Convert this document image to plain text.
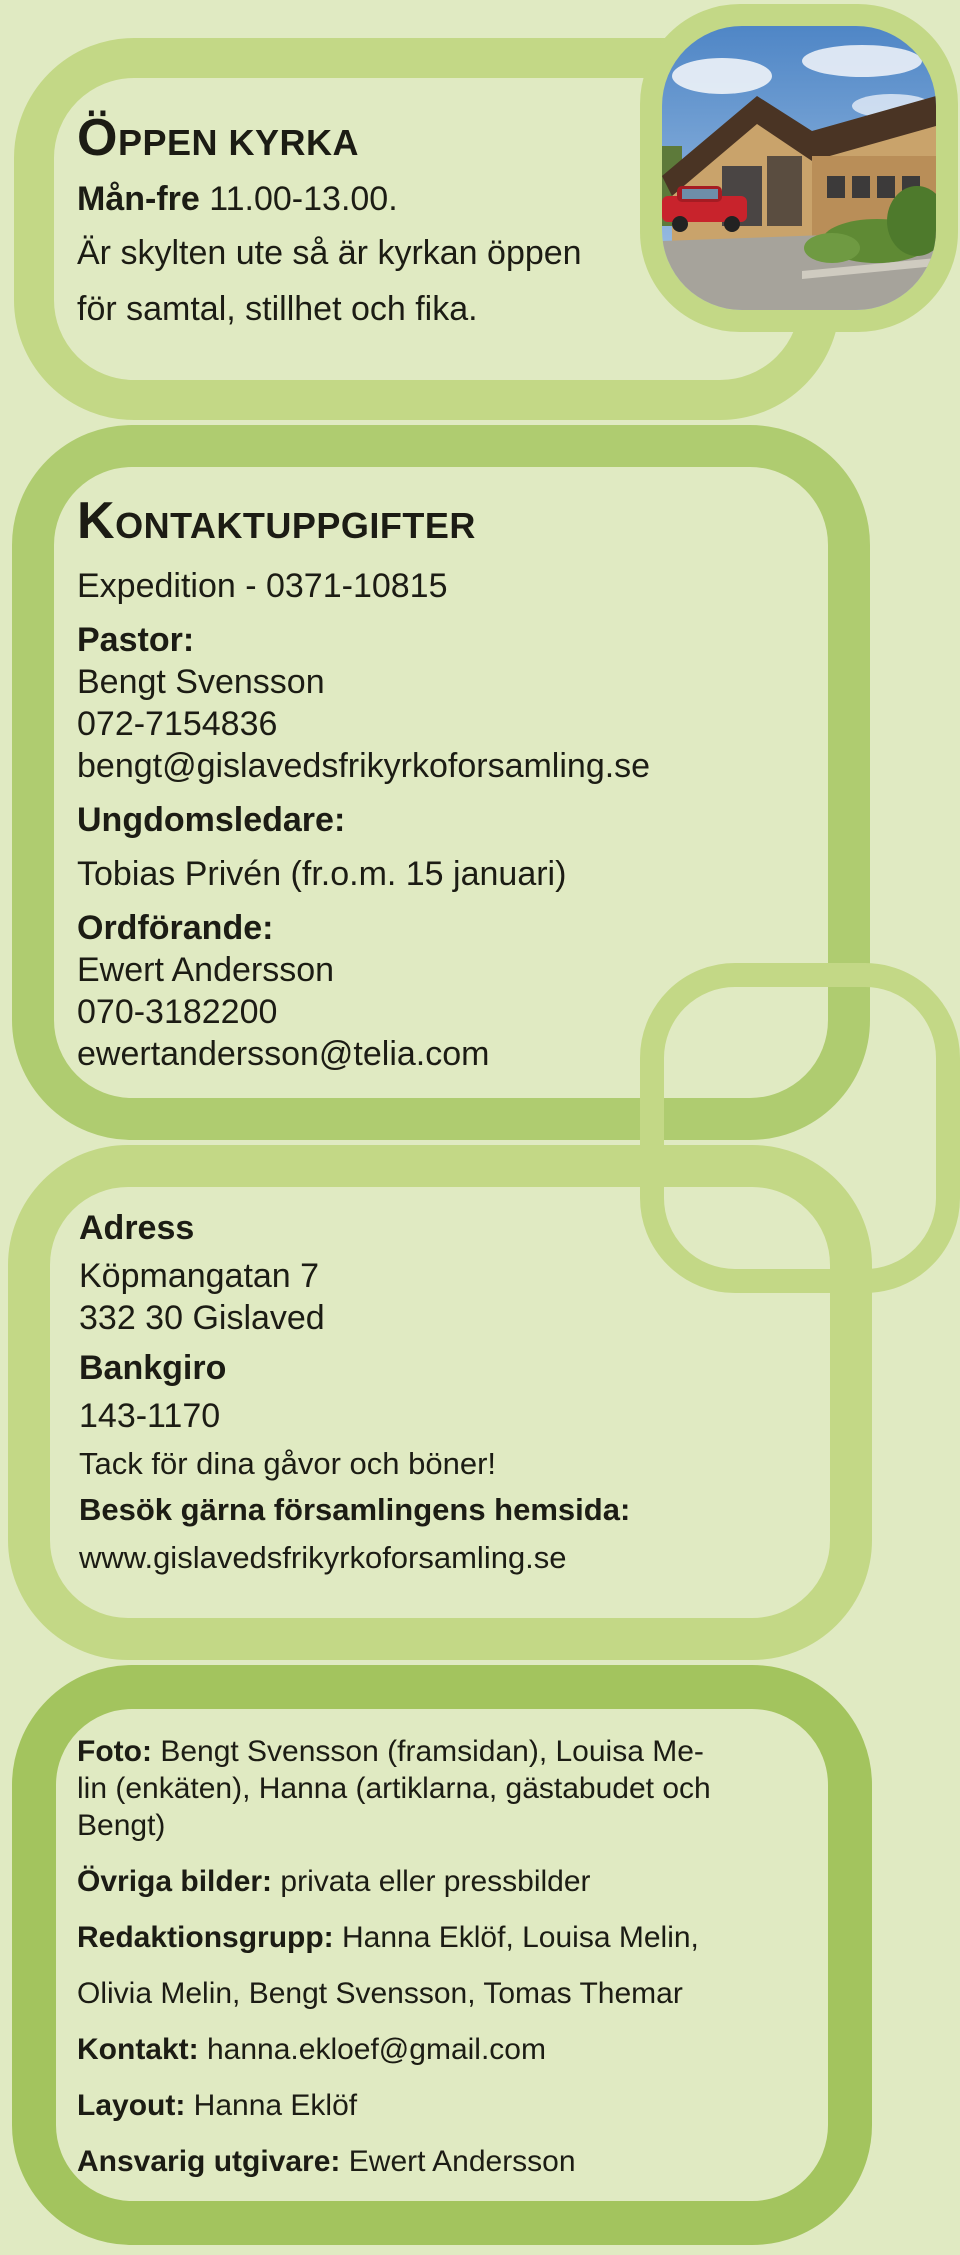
ÖPPEN KYRKA
Mån-fre 11.00-13.00.
Är skylten ute så är kyrkan öppen
för samtal, stillhet och fika.
KONTAKTUPPGIFTER
Expedition - 0371-10815
Pastor:
Bengt Svensson
072-7154836
bengt@gislavedsfrikyrkoforsamling.se
Ungdomsledare:
Tobias Privén (fr.o.m. 15 januari)
Ordförande:
Ewert Andersson
070-3182200
ewertandersson@telia.com
Adress
Köpmangatan 7
332 30 Gislaved
Bankgiro
143-1170
Tack för dina gåvor och böner!
Besök gärna församlingens hemsida:
www.gislavedsfrikyrkoforsamling.se
Foto: Bengt Svensson (framsidan), Louisa Me-
lin (enkäten), Hanna (artiklarna, gästabudet och
Bengt)
Övriga bilder: privata eller pressbilder
Redaktionsgrupp: Hanna Eklöf, Louisa Melin,
Olivia Melin, Bengt Svensson, Tomas Themar
Kontakt: hanna.ekloef@gmail.com
Layout: Hanna Eklöf
Ansvarig utgivare: Ewert Andersson
